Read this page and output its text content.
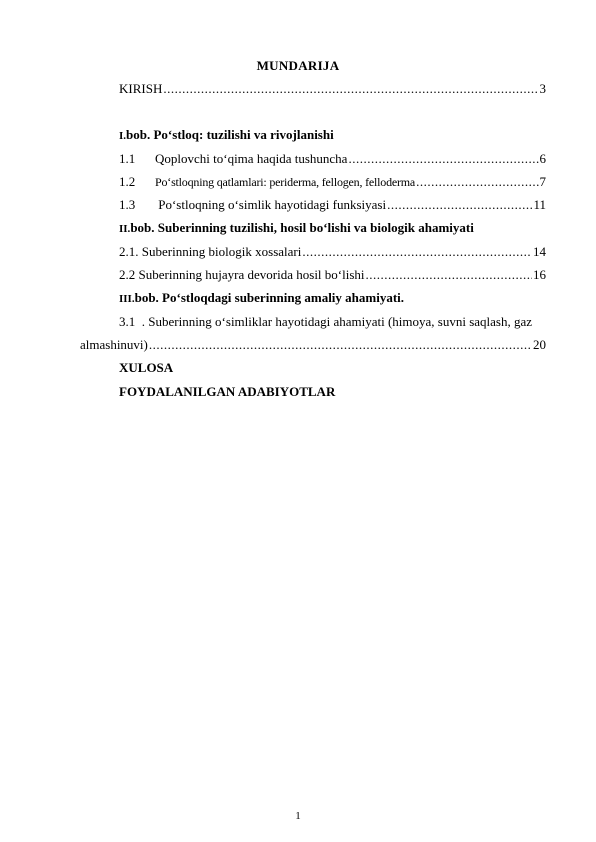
MUNDARIJA
KIRISH .....	3
I.bob. Po‘stloq: tuzilishi va rivojlanishi
1.1	Qoplovchi to‘qima haqida tushuncha .....	6
1.2	Po‘stloqning qatlamlari: periderma, fellogen, felloderma .....	7
1.3	Po‘stloqning o‘simlik hayotidagi funksiyasi .....	11
II.bob. Suberinning tuzilishi, hosil bo‘lishi va biologik ahamiyati
2.1. Suberinning biologik xossalari .....	14
2.2 Suberinning hujayra devorida hosil bo‘lishi .....	16
III.bob. Po‘stloqdagi suberinning amaliy ahamiyati.
3.1  . Suberinning o‘simliklar hayotidagi ahamiyati (himoya, suvni saqlash, gaz
almashinuvi) .....	20
XULOSA
FOYDALANILGAN ADABIYOTLAR
1
